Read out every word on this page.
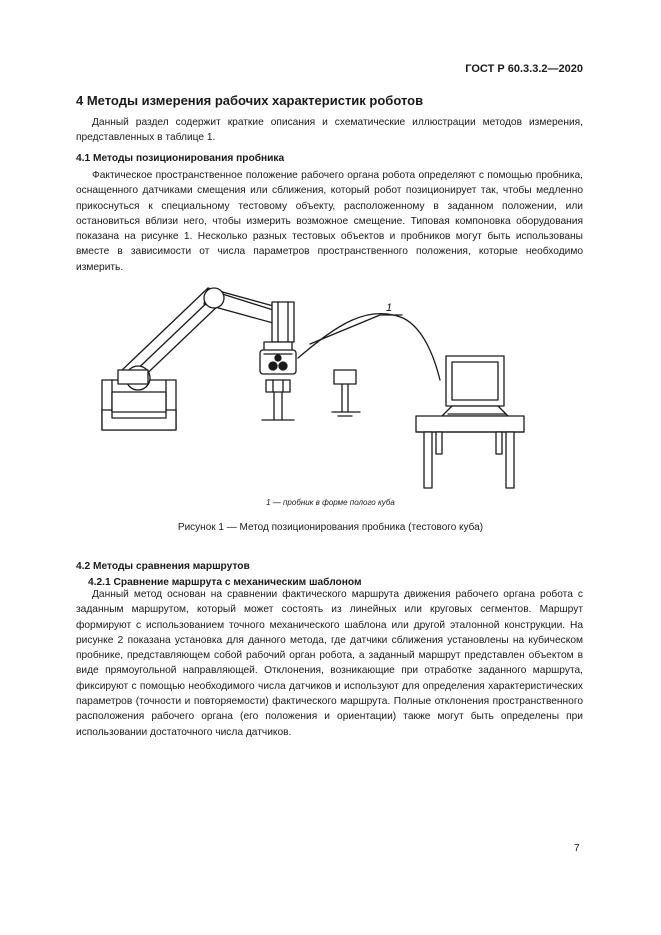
ГОСТ Р 60.3.3.2—2020
4 Методы измерения рабочих характеристик роботов

Данный раздел содержит краткие описания и схематические иллюстрации методов измерения, представленных в таблице 1.

4.1 Методы позиционирования пробника

Фактическое пространственное положение рабочего органа робота определяют с помощью пробника, оснащенного датчиками смещения или сближения, который робот позиционирует так, чтобы медленно прикоснуться к специальному тестовому объекту, расположенному в заданном положении, или остановиться вблизи него, чтобы измерить возможное смещение. Типовая компоновка оборудования показана на рисунке 1. Несколько разных тестовых объектов и пробников могут быть использованы вместе в зависимости от числа параметров пространственного положения, которые необходимо измерить.

1
1 — пробник в форме полого куба
Рисунок 1 — Метод позиционирования пробника (тестового куба)
4.2 Методы сравнения маршрутов
4.2.1 Сравнение маршрута с механическим шаблоном

Данный метод основан на сравнении фактического маршрута движения рабочего органа робота с заданным маршрутом, который может состоять из линейных или круговых сегментов. Маршрут формируют с использованием точного механического шаблона или другой эталонной конструкции. На рисунке 2 показана установка для данного метода, где датчики сближения установлены на кубическом пробнике, представляющем собой рабочий орган робота, а заданный маршрут представлен объектом в виде прямоугольной направляющей. Отклонения, возникающие при отработке заданного маршрута, фиксируют с помощью необходимого числа датчиков и используют для определения характеристических параметров (точности и повторяемости) фактического маршрута. Полные отклонения пространственного расположения рабочего органа (его положения и ориентации) также могут быть определены при использовании достаточного числа датчиков.

7
